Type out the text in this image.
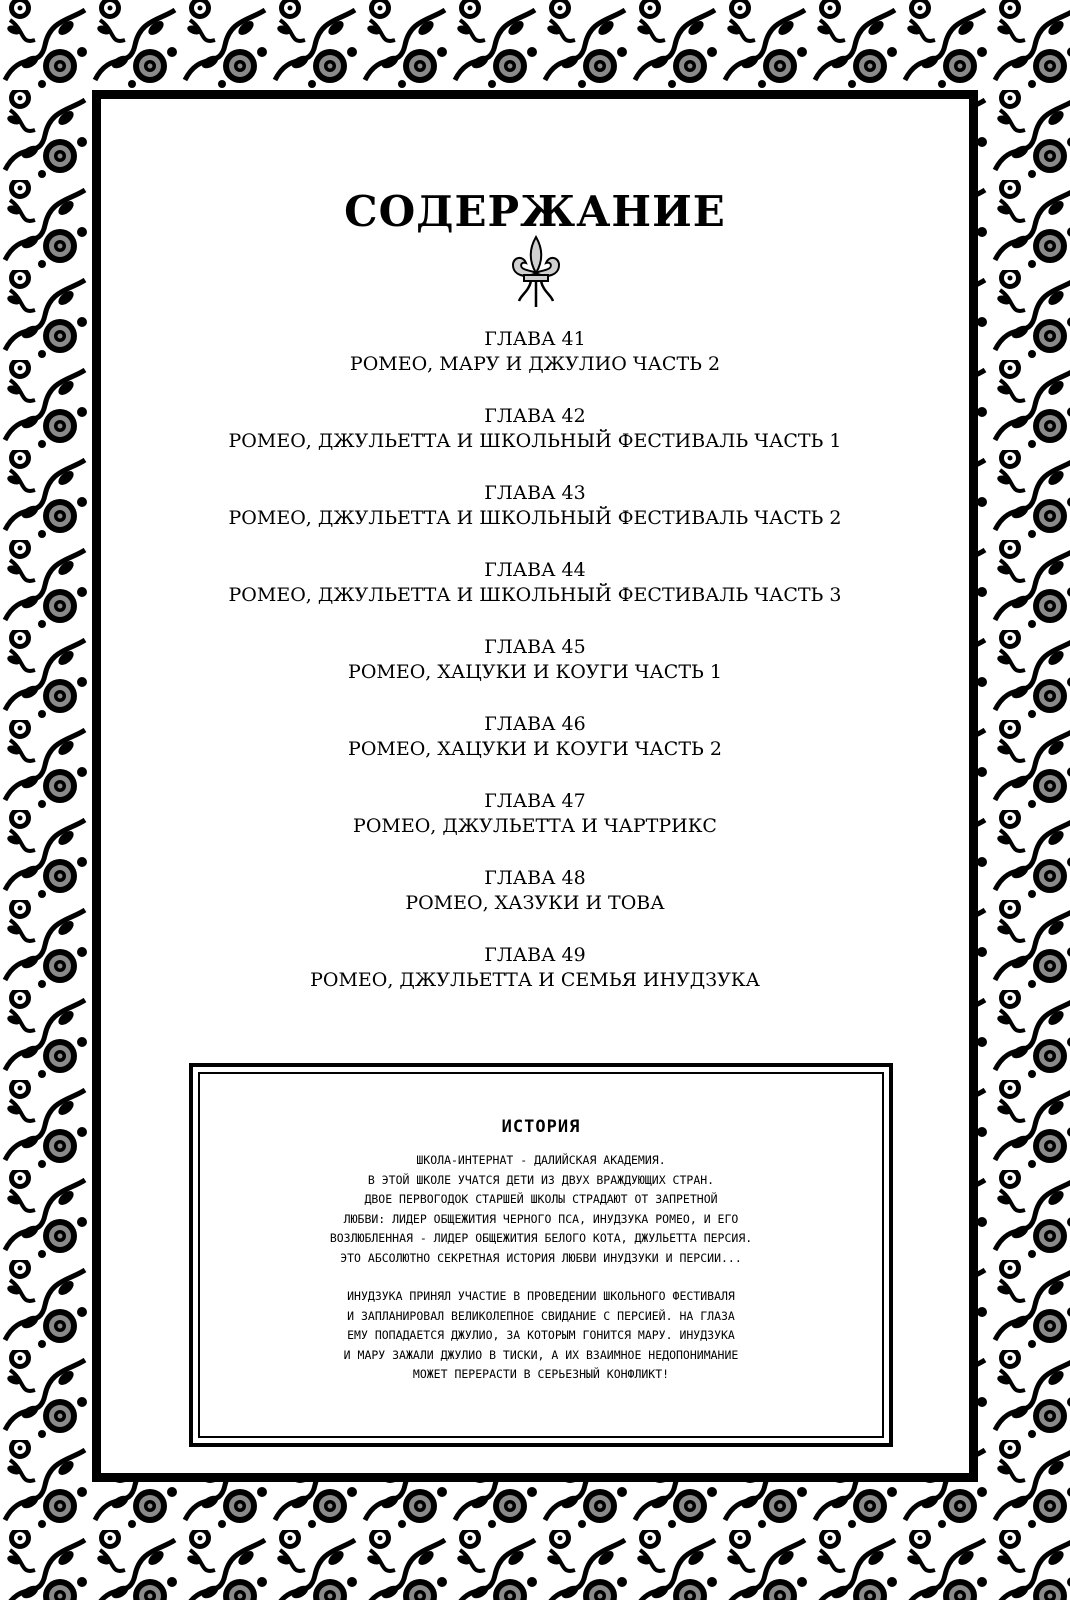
СОДЕРЖАНИЕ
ГЛАВА 41
РОМЕО, МАРУ И ДЖУЛИО ЧАСТЬ 2
ГЛАВА 42
РОМЕО, ДЖУЛЬЕТТА И ШКОЛЬНЫЙ ФЕСТИВАЛЬ ЧАСТЬ 1
ГЛАВА 43
РОМЕО, ДЖУЛЬЕТТА И ШКОЛЬНЫЙ ФЕСТИВАЛЬ ЧАСТЬ 2
ГЛАВА 44
РОМЕО, ДЖУЛЬЕТТА И ШКОЛЬНЫЙ ФЕСТИВАЛЬ ЧАСТЬ 3
ГЛАВА 45
РОМЕО, ХАЦУКИ И КОУГИ ЧАСТЬ 1
ГЛАВА 46
РОМЕО, ХАЦУКИ И КОУГИ ЧАСТЬ 2
ГЛАВА 47
РОМЕО, ДЖУЛЬЕТТА И ЧАРТРИКС
ГЛАВА 48
РОМЕО, ХАЗУКИ И ТОВА
ГЛАВА 49
РОМЕО, ДЖУЛЬЕТТА И СЕМЬЯ ИНУДЗУКА
ИСТОРИЯ

ШКОЛА-ИНТЕРНАТ - ДАЛИЙСКАЯ АКАДЕМИЯ.

В ЭТОЙ ШКОЛЕ УЧАТСЯ ДЕТИ ИЗ ДВУХ ВРАЖДУЮЩИХ СТРАН.

ДВОЕ ПЕРВОГОДОК СТАРШЕЙ ШКОЛЫ СТРАДАЮТ ОТ ЗАПРЕТНОЙ

ЛЮБВИ: ЛИДЕР ОБЩЕЖИТИЯ ЧЕРНОГО ПСА, ИНУДЗУКА РОМЕО, И ЕГО

ВОЗЛЮБЛЕННАЯ - ЛИДЕР ОБЩЕЖИТИЯ БЕЛОГО КОТА, ДЖУЛЬЕТТА ПЕРСИЯ.

ЭТО АБСОЛЮТНО СЕКРЕТНАЯ ИСТОРИЯ ЛЮБВИ ИНУДЗУКИ И ПЕРСИИ...

ИНУДЗУКА ПРИНЯЛ УЧАСТИЕ В ПРОВЕДЕНИИ ШКОЛЬНОГО ФЕСТИВАЛЯ

И ЗАПЛАНИРОВАЛ ВЕЛИКОЛЕПНОЕ СВИДАНИЕ С ПЕРСИЕЙ. НА ГЛАЗА

ЕМУ ПОПАДАЕТСЯ ДЖУЛИО, ЗА КОТОРЫМ ГОНИТСЯ МАРУ. ИНУДЗУКА

И МАРУ ЗАЖАЛИ ДЖУЛИО В ТИСКИ, А ИХ ВЗАИМНОЕ НЕДОПОНИМАНИЕ

МОЖЕТ ПЕРЕРАСТИ В СЕРЬЕЗНЫЙ КОНФЛИКТ!
